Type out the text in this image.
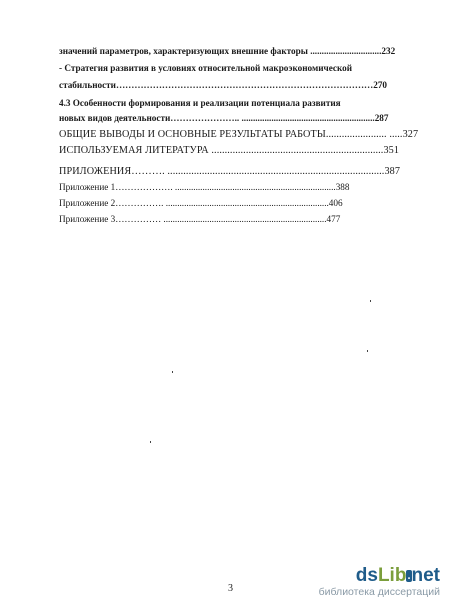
значений параметров, характеризующих внешние факторы ...............................232
- Стратегия развития в условиях относительной макроэкономической
стабильности…………………………………………………………………………270
4.3 Особенности формирования и реализации потенциала развития
новых видов деятельности………………….. ..........................................................287
ОБЩИЕ ВЫВОДЫ И ОСНОВНЫЕ РЕЗУЛЬТАТЫ РАБОТЫ....................... .....327
ИСПОЛЬЗУЕМАЯ ЛИТЕРАТУРА .................................................................351
ПРИЛОЖЕНИЯ………. ..................................................................................387
Приложение 1………………. ......................................................................388
Приложение 2……………. .......................................................................406
Приложение 3…………… .......................................................................477
3
dsLib.net
библиотека диссертаций
